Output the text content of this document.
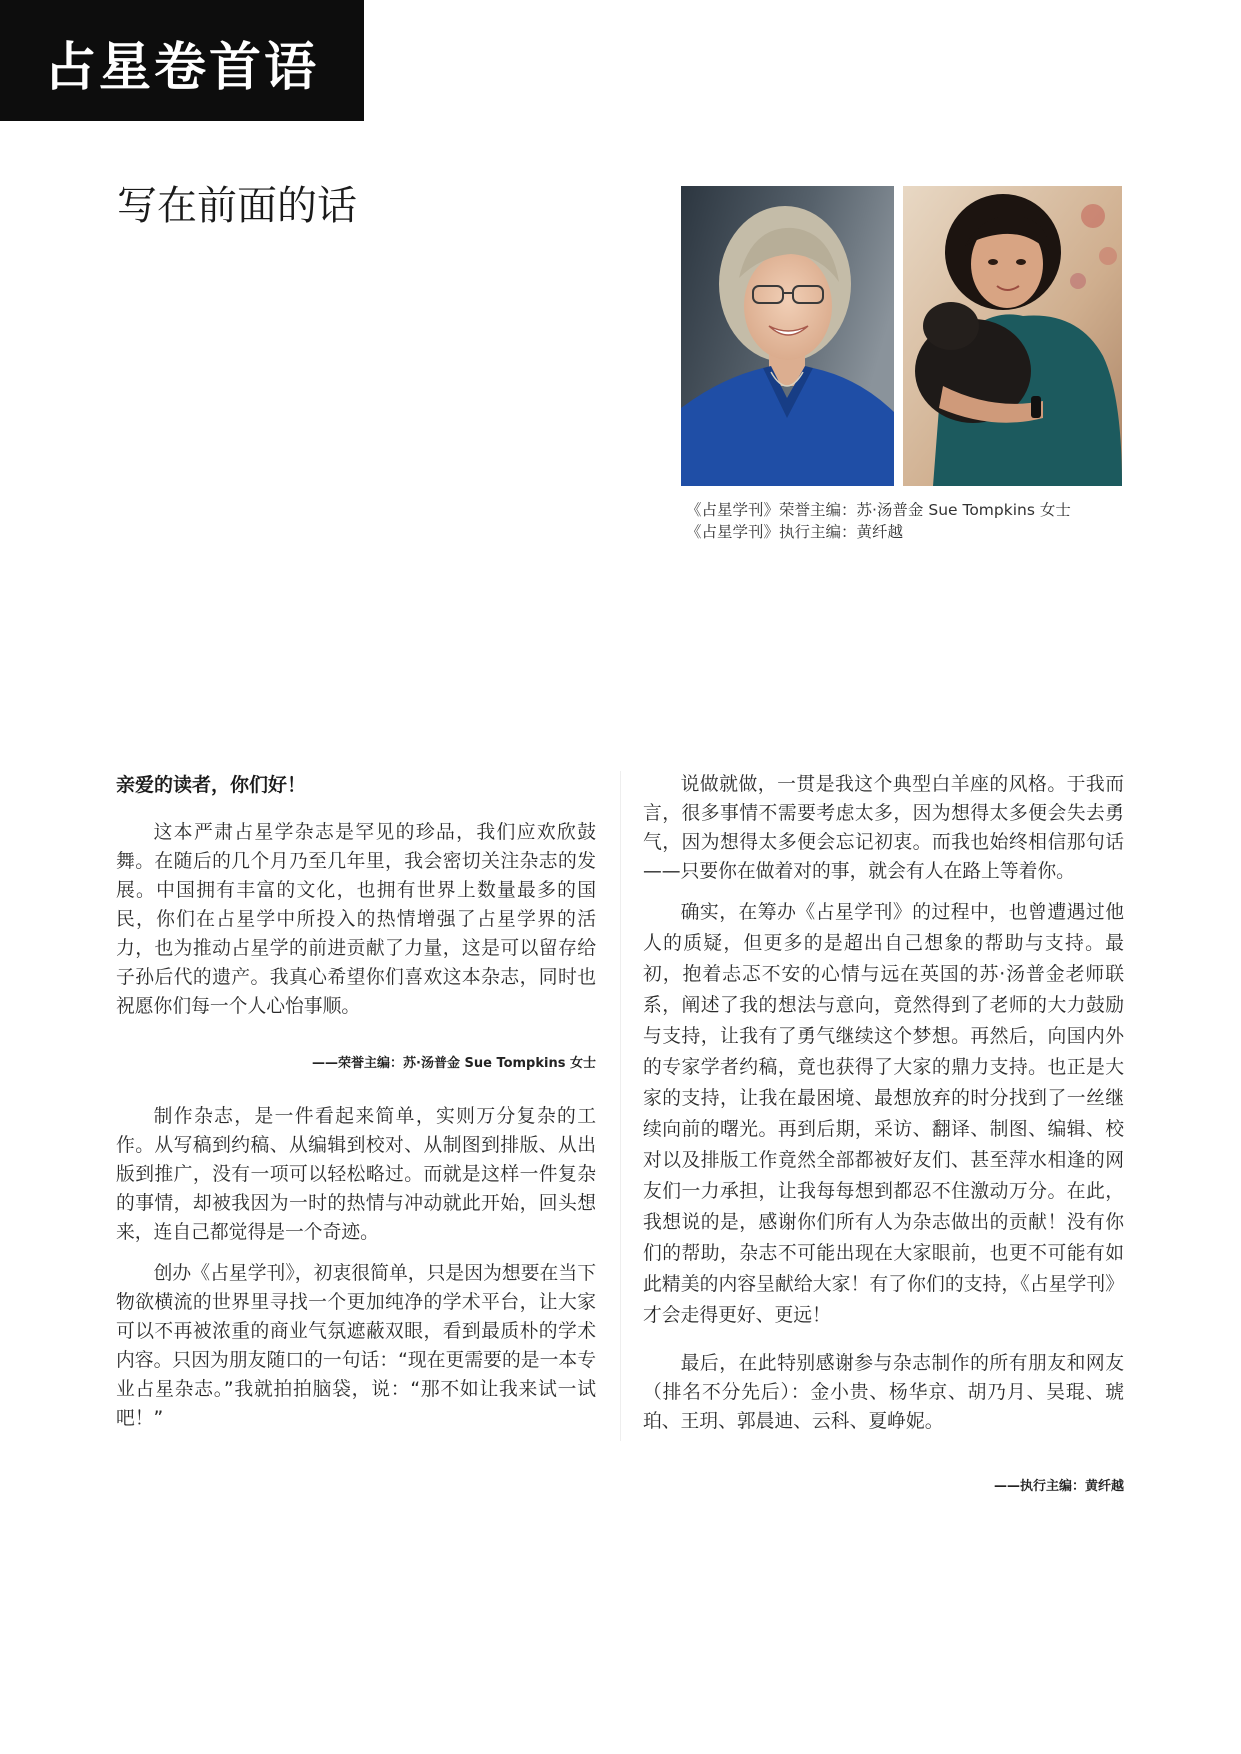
占星卷首语
写在前面的话
《占星学刊》荣誉主编：苏·汤普金 Sue Tompkins 女士
《占星学刊》执行主编：黄纤越

亲爱的读者，你们好！

这本严肃占星学杂志是罕见的珍品，我们应欢欣鼓舞。在随后的几个月乃至几年里，我会密切关注杂志的发展。中国拥有丰富的文化，也拥有世界上数量最多的国民，你们在占星学中所投入的热情增强了占星学界的活力，也为推动占星学的前进贡献了力量，这是可以留存给子孙后代的遗产。我真心希望你们喜欢这本杂志，同时也祝愿你们每一个人心怡事顺。

——荣誉主编：苏·汤普金 Sue Tompkins 女士

制作杂志，是一件看起来简单，实则万分复杂的工作。从写稿到约稿、从编辑到校对、从制图到排版、从出版到推广，没有一项可以轻松略过。而就是这样一件复杂的事情，却被我因为一时的热情与冲动就此开始，回头想来，连自己都觉得是一个奇迹。

创办《占星学刊》，初衷很简单，只是因为想要在当下物欲横流的世界里寻找一个更加纯净的学术平台，让大家可以不再被浓重的商业气氛遮蔽双眼，看到最质朴的学术内容。只因为朋友随口的一句话：“现在更需要的是一本专业占星杂志。”我就拍拍脑袋，说：“那不如让我来试一试吧！”

说做就做，一贯是我这个典型白羊座的风格。于我而言，很多事情不需要考虑太多，因为想得太多便会失去勇气，因为想得太多便会忘记初衷。而我也始终相信那句话——只要你在做着对的事，就会有人在路上等着你。

确实，在筹办《占星学刊》的过程中，也曾遭遇过他人的质疑，但更多的是超出自己想象的帮助与支持。最初，抱着忐忑不安的心情与远在英国的苏·汤普金老师联系，阐述了我的想法与意向，竟然得到了老师的大力鼓励与支持，让我有了勇气继续这个梦想。再然后，向国内外的专家学者约稿，竟也获得了大家的鼎力支持。也正是大家的支持，让我在最困境、最想放弃的时分找到了一丝继续向前的曙光。再到后期，采访、翻译、制图、编辑、校对以及排版工作竟然全部都被好友们、甚至萍水相逢的网友们一力承担，让我每每想到都忍不住激动万分。在此，我想说的是，感谢你们所有人为杂志做出的贡献！没有你们的帮助，杂志不可能出现在大家眼前，也更不可能有如此精美的内容呈献给大家！有了你们的支持，《占星学刊》才会走得更好、更远！

最后，在此特别感谢参与杂志制作的所有朋友和网友（排名不分先后）：金小贵、杨华京、胡乃月、吴琨、琥珀、王玥、郭晨迪、云科、夏峥妮。

——执行主编：黄纤越
